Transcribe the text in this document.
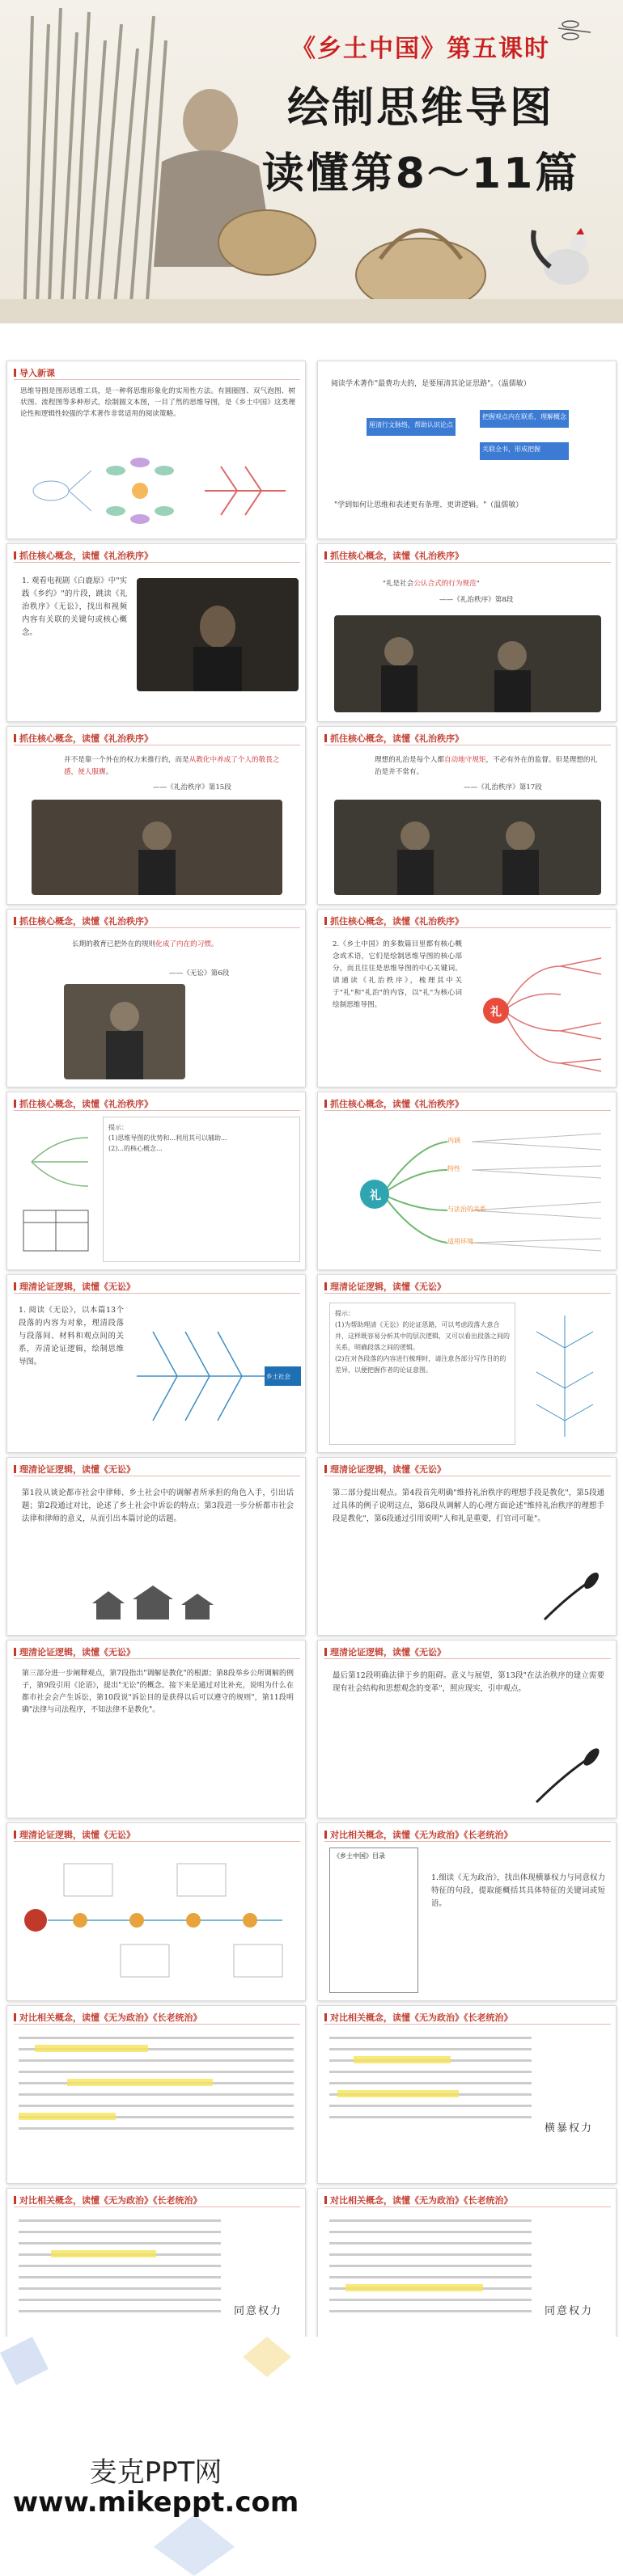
《乡土中国》第五课时
绘制思维导图
读懂第8～11篇
导入新课
思维导图是图形思维工具，是一种将思维形象化的实用性方法。有圆圈图、双气泡图、树状图、流程图等多种形式，绘制圆文本图，一目了然的思维导图，是《乡土中国》这类理论性和逻辑性较强的学术著作非常适用的阅读策略。
阅读学术著作"最费功夫的，是要厘清其论证思路"。（温儒敏）
厘清行文脉络，帮助认识论点
把握观点内在联系，理解概念
关联全书，形成把握
"学到如何让思维和表述更有条理、更讲逻辑。"（温儒敏）
抓住核心概念，读懂《礼治秩序》
1. 观看电视剧《白鹿原》中"实践《乡约》"的片段，跳读《礼治秩序》《无讼》，找出和视频内容有关联的关键句或核心概念。
抓住核心概念，读懂《礼治秩序》
"礼是社会公认合式的行为规范"
——《礼治秩序》第8段
抓住核心概念，读懂《礼治秩序》
并不是靠一个外在的权力来推行的，而是从教化中养成了个人的敬畏之感，使人服膺。
——《礼治秩序》第15段
抓住核心概念，读懂《礼治秩序》
理想的礼治是每个人都自动地守规矩，不必有外在的监督。但是理想的礼治是并不常有。
——《礼治秩序》第17段
抓住核心概念，读懂《礼治秩序》
长期的教育已把外在的规则化成了内在的习惯。
——《无讼》第6段
抓住核心概念，读懂《礼治秩序》
2.《乡土中国》的多数篇目里都有核心概念或术语，它们是绘制思维导图的核心部分，而且往往是思维导图的中心关键词。请通读《礼治秩序》，梳理其中关于"礼"和"礼治"的内容，以"礼"为核心词绘制思维导图。
礼
抓住核心概念，读懂《礼治秩序》
提示：
(1)思维导图的优势和...利用其可以辅助...
(2)...的核心概念...
抓住核心概念，读懂《礼治秩序》
礼
内涵
特性
与法治的关系
适用环境
理清论证逻辑，读懂《无讼》
1. 阅读《无讼》，以本篇13个段落的内容为对象，理清段落与段落间、材料和观点间的关系，弄清论证逻辑，绘制思维导图。
乡土社会
理清论证逻辑，读懂《无讼》
提示：
(1)为帮助理清《无讼》的论证思路，可以考虑段落大意合并，这样既容易分析其中的层次逻辑，又可以看出段落之间的关系，明确段落之间的逻辑。
(2)在对各段落的内容进行梳理时，请注意各部分写作目的的差异，以便把握作者的论证意图。
理清论证逻辑，读懂《无讼》
第1段从谈论都市社会中律师、乡土社会中的调解者所承担的角色入手，引出话题；第2段通过对比，论述了乡土社会中诉讼的特点；第3段进一步分析都市社会法律和律师的意义，从而引出本篇讨论的话题。
理清论证逻辑，读懂《无讼》
第二部分提出观点。第4段首先明确"维持礼治秩序的理想手段是教化"，第5段通过具体的例子说明这点，第6段从调解人的心理方面论述"维持礼治秩序的理想手段是教化"，第6段通过引用说明"人和礼是重要，打官司可耻"。
理清论证逻辑，读懂《无讼》
第三部分进一步阐释观点，第7段指出"调解是教化"的根源；第8段举乡公所调解的例子，第9段引用《论语》，提出"无讼"的概念。接下来是通过对比补充，说明为什么在都市社会会产生诉讼，第10段说"诉讼目的是获得以后可以遵守的规则"，第11段明确"法律与司法程序，不知法律不是教化"。
理清论证逻辑，读懂《无讼》
最后第12段明确法律于乡的阻碍。意义与展望，第13段"在法治秩序的建立需要现有社会结构和思想观念的变革"，照应现实，引申观点。
理清论证逻辑，读懂《无讼》	对比相关概念，读懂《无为政治》《长老统治》
《乡土中国》目录
1.细读《无为政治》，找出体现横暴权力与同意权力特征的句段，提取能概括其具体特征的关键词或短语。
对比相关概念，读懂《无为政治》《长老统治》	对比相关概念，读懂《无为政治》《长老统治》
横暴权力
对比相关概念，读懂《无为政治》《长老统治》
同意权力
对比相关概念，读懂《无为政治》《长老统治》
同意权力
麦克PPT网
www.mikeppt.com
